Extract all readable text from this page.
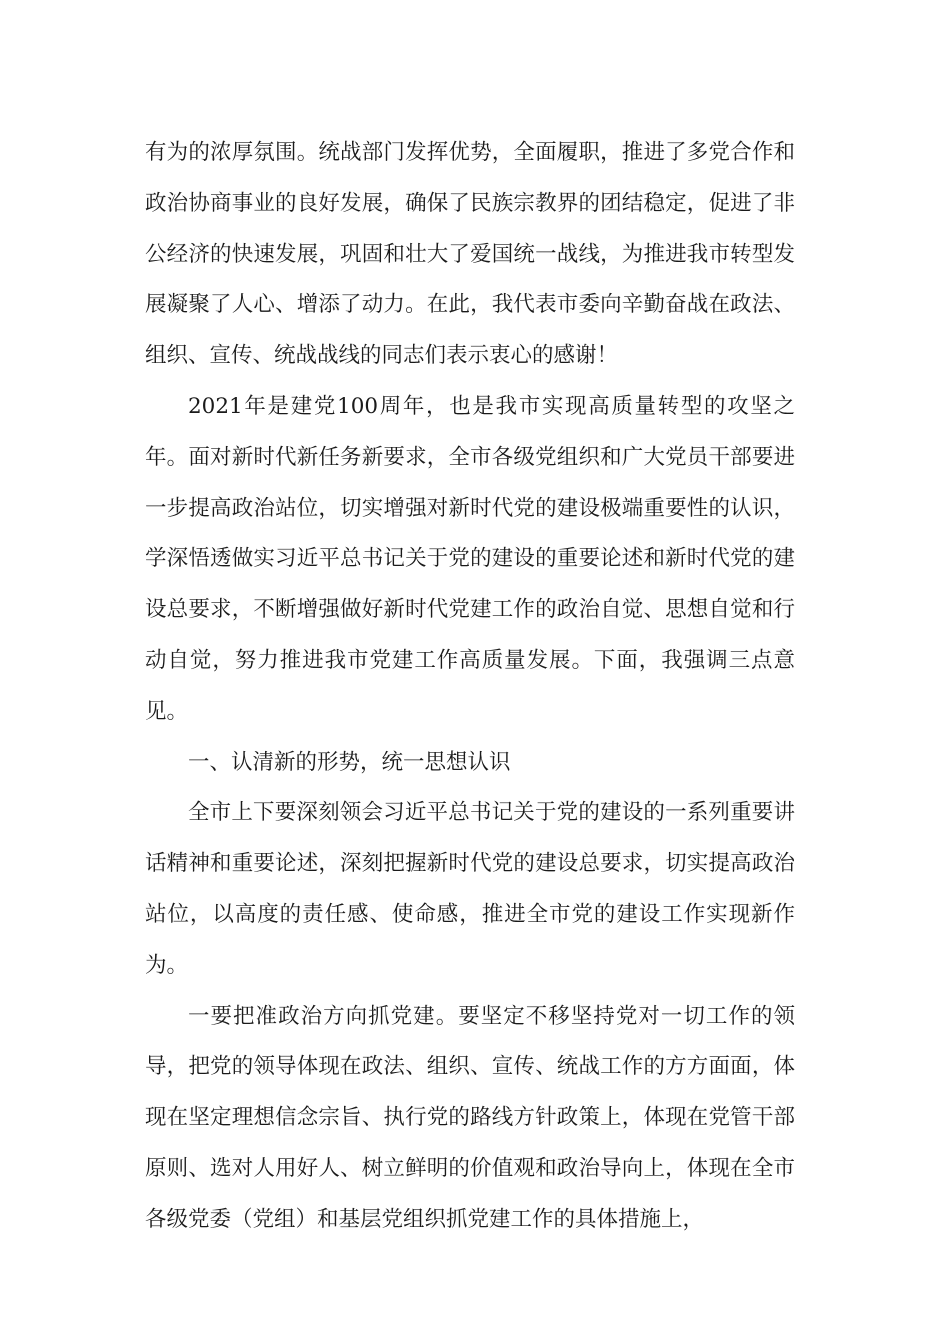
有为的浓厚氛围。统战部门发挥优势，全面履职，推进了多党合作和政治协商事业的良好发展，确保了民族宗教界的团结稳定，促进了非公经济的快速发展，巩固和壮大了爱国统一战线，为推进我市转型发展凝聚了人心、增添了动力。在此，我代表市委向辛勤奋战在政法、组织、宣传、统战战线的同志们表示衷心的感谢！

2021年是建党100周年，也是我市实现高质量转型的攻坚之年。面对新时代新任务新要求，全市各级党组织和广大党员干部要进一步提高政治站位，切实增强对新时代党的建设极端重要性的认识，学深悟透做实习近平总书记关于党的建设的重要论述和新时代党的建设总要求，不断增强做好新时代党建工作的政治自觉、思想自觉和行动自觉，努力推进我市党建工作高质量发展。下面，我强调三点意见。

一、认清新的形势，统一思想认识

全市上下要深刻领会习近平总书记关于党的建设的一系列重要讲话精神和重要论述，深刻把握新时代党的建设总要求，切实提高政治站位，以高度的责任感、使命感，推进全市党的建设工作实现新作为。

一要把准政治方向抓党建。要坚定不移坚持党对一切工作的领导，把党的领导体现在政法、组织、宣传、统战工作的方方面面，体现在坚定理想信念宗旨、执行党的路线方针政策上，体现在党管干部原则、选对人用好人、树立鲜明的价值观和政治导向上，体现在全市各级党委（党组）和基层党组织抓党建工作的具体措施上，
